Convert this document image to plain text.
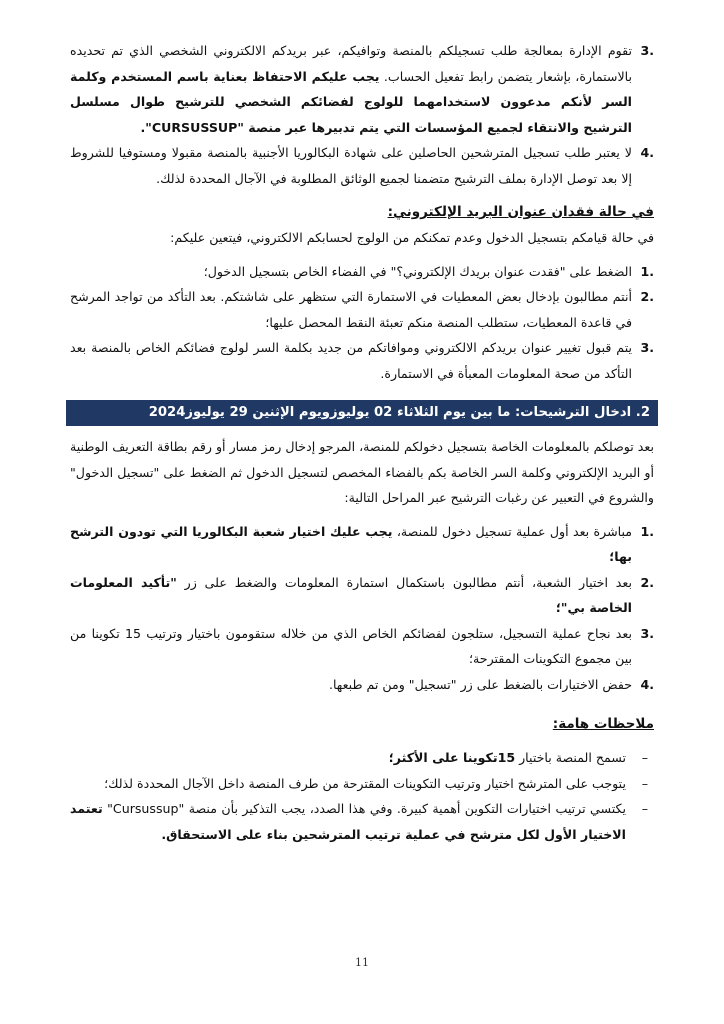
3.
تقوم الإدارة بمعالجة طلب تسجيلكم بالمنصة وتوافيكم، عبر بريدكم الالكتروني الشخصي الذي تم تحديده بالاستمارة، بإشعار يتضمن رابط تفعيل الحساب. يجب عليكم الاحتفاظ بعناية باسم المستخدم وكلمة السر لأنكم مدعوون لاستخدامهما للولوج لفضائكم الشخصي للترشيح طوال مسلسل الترشيح والانتقاء لجميع المؤسسات التي يتم تدبيرها عبر منصة "CURSUSSUP".
4.
لا يعتبر طلب تسجيل المترشحين الحاصلين على شهادة البكالوريا الأجنبية بالمنصة مقبولا ومستوفيا للشروط إلا بعد توصل الإدارة بملف الترشيح متضمنا لجميع الوثائق المطلوبة في الآجال المحددة لذلك.
في حالة فقدان عنوان البريد الإلكتروني:

في حالة قيامكم بتسجيل الدخول وعدم تمكنكم من الولوج لحسابكم الالكتروني، فيتعين عليكم:

1.
الضغط على "فقدت عنوان بريدك الإلكتروني؟" في الفضاء الخاص بتسجيل الدخول؛
2.
أنتم مطالبون بإدخال بعض المعطيات في الاستمارة التي ستظهر على شاشتكم. بعد التأكد من تواجد المرشح في قاعدة المعطيات، ستطلب المنصة منكم تعبئة النقط المحصل عليها؛
3.
يتم قبول تغيير عنوان بريدكم الالكتروني وموافاتكم من جديد بكلمة السر لولوج فضائكم الخاص بالمنصة بعد التأكد من صحة المعلومات المعبأة في الاستمارة.
2. ادخال الترشيحات: ما بين يوم الثلاثاء 02 يوليوزويوم الإثنين 29 يوليوز2024

بعد توصلكم بالمعلومات الخاصة بتسجيل دخولكم للمنصة، المرجو إدخال رمز مسار أو رقم بطاقة التعريف الوطنية أو البريد الإلكتروني وكلمة السر الخاصة بكم بالفضاء المخصص لتسجيل الدخول ثم الضغط على "تسجيل الدخول" والشروع في التعبير عن رغبات الترشيح عبر المراحل التالية:

1.
مباشرة بعد أول عملية تسجيل دخول للمنصة، يجب عليك اختيار شعبة البكالوريا التي تودون الترشح بها؛
2.
بعد اختيار الشعبة، أنتم مطالبون باستكمال استمارة المعلومات والضغط على زر "تأكيد المعلومات الخاصة بي"؛
3.
بعد نجاح عملية التسجيل، ستلجون لفضائكم الخاص الذي من خلاله ستقومون باختيار وترتيب 15 تكوينا من بين مجموع التكوينات المقترحة؛
4.
حفض الاختيارات بالضغط على زر "تسجيل" ومن تم طبعها.
ملاحظات هامة:
–
تسمح المنصة باختيار 15تكوينا على الأكثر؛
–
يتوجب على المترشح اختيار وترتيب التكوينات المقترحة من طرف المنصة داخل الآجال المحددة لذلك؛
–
يكتسي ترتيب اختيارات التكوين أهمية كبيرة. وفي هذا الصدد، يجب التذكير بأن منصة "Cursussup" تعتمد الاختيار الأول لكل مترشح في عملية ترتيب المترشحين بناء على الاستحقاق.
11
